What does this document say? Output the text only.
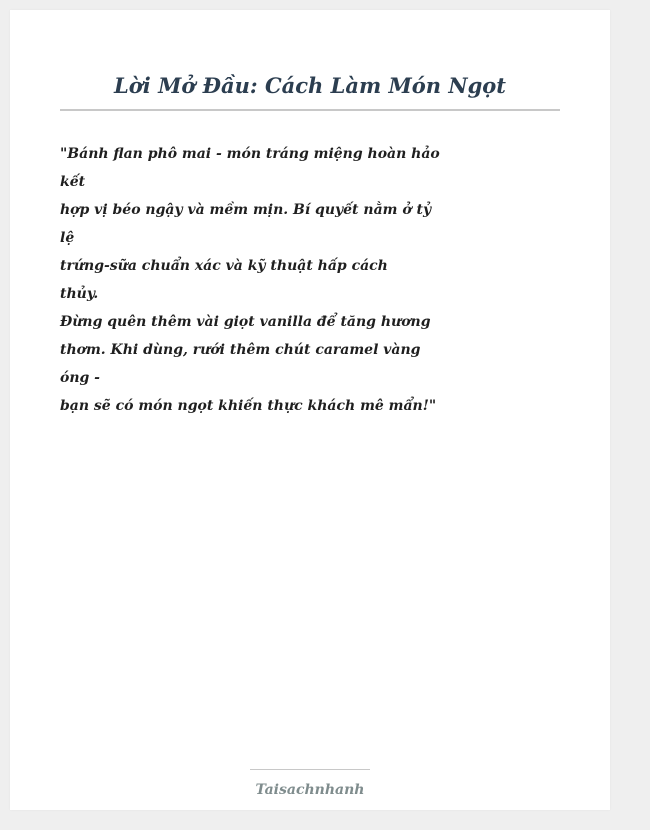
Lời Mở Đầu: Cách Làm Món Ngọt
"Bánh flan phô mai - món tráng miệng hoàn hảo
kết
hợp vị béo ngậy và mềm mịn. Bí quyết nằm ở tỷ
lệ
trứng-sữa chuẩn xác và kỹ thuật hấp cách
thủy.
Đừng quên thêm vài giọt vanilla để tăng hương
thơm. Khi dùng, rưới thêm chút caramel vàng
óng -
bạn sẽ có món ngọt khiến thực khách mê mẩn!"

Taisachnhanh
